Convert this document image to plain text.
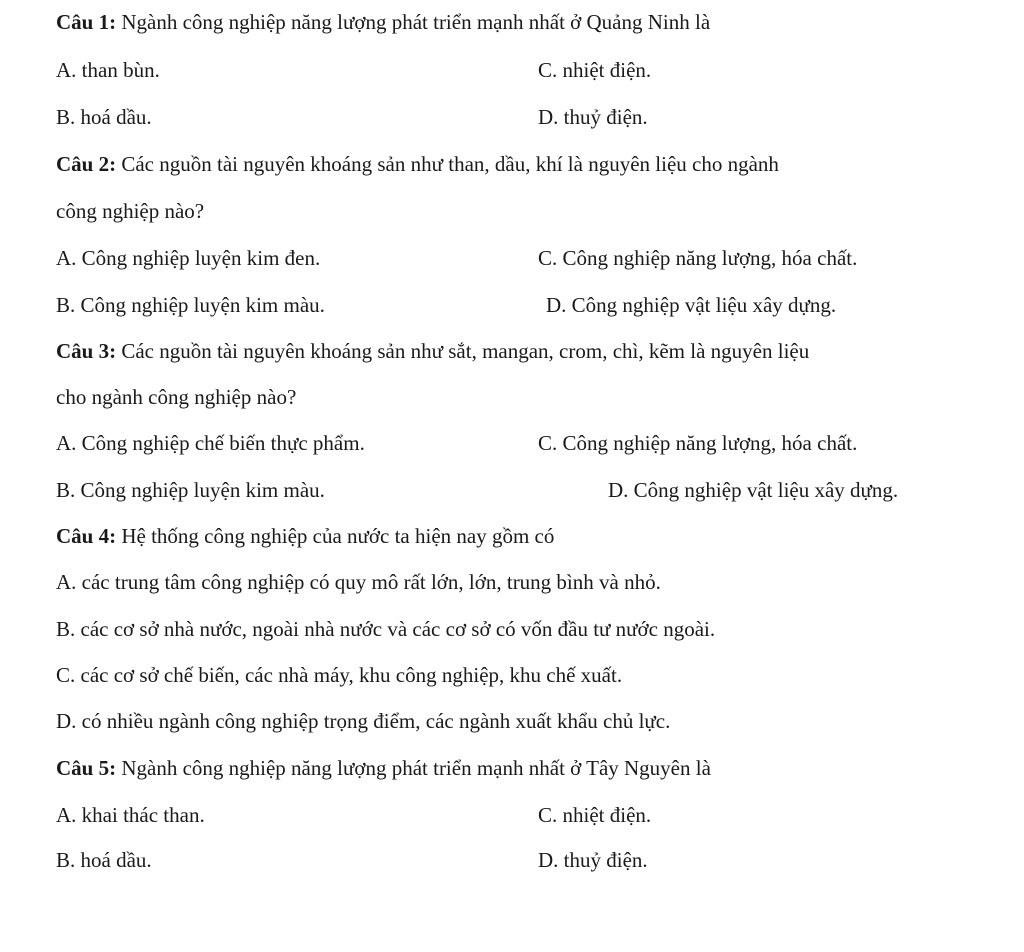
Câu 1: Ngành công nghiệp năng lượng phát triển mạnh nhất ở Quảng Ninh là
A. than bùn.	C. nhiệt điện.
B. hoá dầu.	D. thuỷ điện.
Câu 2: Các nguồn tài nguyên khoáng sản như than, dầu, khí là nguyên liệu cho ngành
công nghiệp nào?
A. Công nghiệp luyện kim đen.	C. Công nghiệp năng lượng, hóa chất.
B. Công nghiệp luyện kim màu.	D. Công nghiệp vật liệu xây dựng.
Câu 3: Các nguồn tài nguyên khoáng sản như sắt, mangan, crom, chì, kẽm là nguyên liệu
cho ngành công nghiệp nào?
A. Công nghiệp chế biến thực phẩm.	C. Công nghiệp năng lượng, hóa chất.
B. Công nghiệp luyện kim màu.	D. Công nghiệp vật liệu xây dựng.
Câu 4: Hệ thống công nghiệp của nước ta hiện nay gồm có
A. các trung tâm công nghiệp có quy mô rất lớn, lớn, trung bình và nhỏ.
B. các cơ sở nhà nước, ngoài nhà nước và các cơ sở có vốn đầu tư nước ngoài.
C. các cơ sở chế biến, các nhà máy, khu công nghiệp, khu chế xuất.
D. có nhiều ngành công nghiệp trọng điểm, các ngành xuất khẩu chủ lực.
Câu 5: Ngành công nghiệp năng lượng phát triển mạnh nhất ở Tây Nguyên là
A. khai thác than.	C. nhiệt điện.
B. hoá dầu.	D. thuỷ điện.
